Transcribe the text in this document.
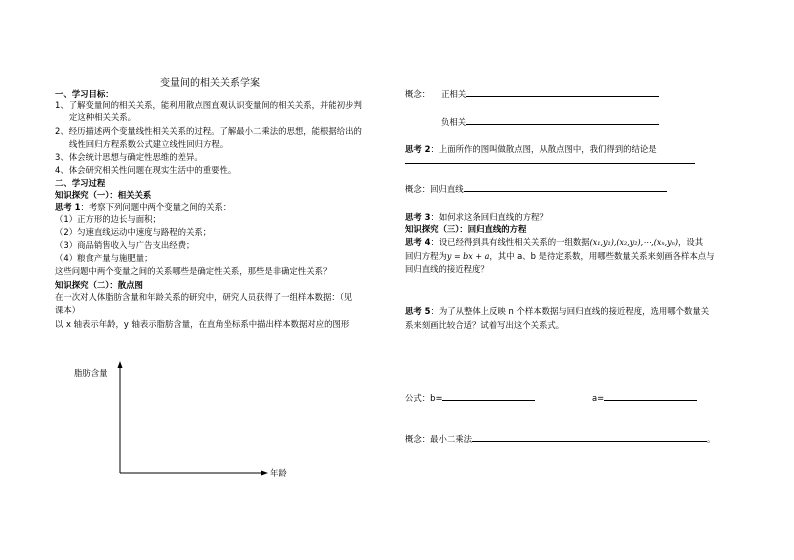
变量间的相关关系学案
一、学习目标：
1、了解变量间的相关关系，能利用散点图直观认识变量间的相关关系，并能初步判
定这种相关关系。
2、经历描述两个变量线性相关关系的过程。了解最小二乘法的思想，能根据给出的
线性回归方程系数公式建立线性回归方程。
3、体会统计思想与确定性思维的差异。
4、体会研究相关性问题在现实生活中的重要性。
二、学习过程
知识探究（一）：相关关系
思考 1：考察下列问题中两个变量之间的关系：
（1）正方形的边长与面积；
（2）匀速直线运动中速度与路程的关系；
（3）商品销售收入与广告支出经费；
（4）粮食产量与施肥量；
这些问题中两个变量之间的关系哪些是确定性关系，那些是非确定性关系？
知识探究（二）：散点图
在一次对人体脂肪含量和年龄关系的研究中，研究人员获得了一组样本数据：（见
课本）
以 x 轴表示年龄，y 轴表示脂肪含量，在直角坐标系中描出样本数据对应的图形
脂肪含量
年龄
概念： 正相关
负相关
思考 2：上面所作的图叫做散点图，从散点图中，我们得到的结论是
概念：回归直线
思考 3：如何求这条回归直线的方程？
知识探究（三）：回归直线的方程
思考 4：设已经得到具有线性相关关系的一组数据(x₁,y₁),(x₂,y₂),⋯,(xₙ,yₙ)，设其
回归方程为y = bx + a，其中 a、b 是待定系数，用哪些数量关系来刻画各样本点与
回归直线的接近程度？
思考 5：为了从整体上反映 n 个样本数据与回归直线的接近程度，选用哪个数量关
系来刻画比较合适？试着写出这个关系式。
公式：b=	a=
概念：最小二乘法	。
